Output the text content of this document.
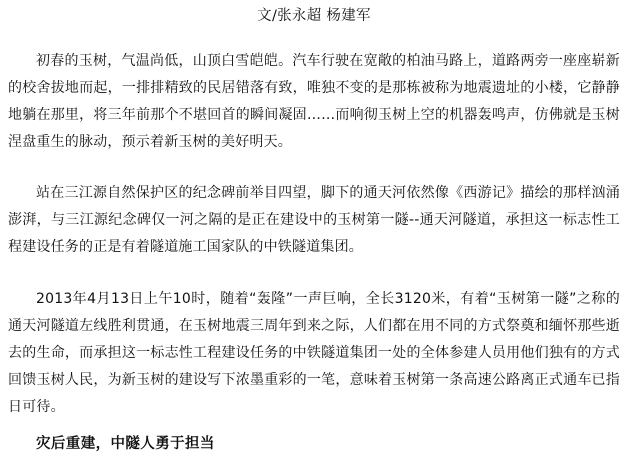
文/张永超 杨建军

初春的玉树，气温尚低，山顶白雪皑皑。汽车行驶在宽敞的柏油马路上，道路两旁一座座崭新的校舍拔地而起，一排排精致的民居错落有致，唯独不变的是那栋被称为地震遗址的小楼，它静静地躺在那里，将三年前那个不堪回首的瞬间凝固……而响彻玉树上空的机器轰鸣声，仿佛就是玉树涅盘重生的脉动，预示着新玉树的美好明天。

站在三江源自然保护区的纪念碑前举目四望，脚下的通天河依然像《西游记》描绘的那样汹涌澎湃，与三江源纪念碑仅一河之隔的是正在建设中的玉树第一隧--通天河隧道，承担这一标志性工程建设任务的正是有着隧道施工国家队的中铁隧道集团。

2013年4月13日上午10时，随着“轰隆”一声巨响，全长3120米，有着“玉树第一隧”之称的通天河隧道左线胜利贯通，在玉树地震三周年到来之际，人们都在用不同的方式祭奠和缅怀那些逝去的生命，而承担这一标志性工程建设任务的中铁隧道集团一处的全体参建人员用他们独有的方式回馈玉树人民，为新玉树的建设写下浓墨重彩的一笔，意味着玉树第一条高速公路离正式通车已指日可待。

灾后重建，中隧人勇于担当
